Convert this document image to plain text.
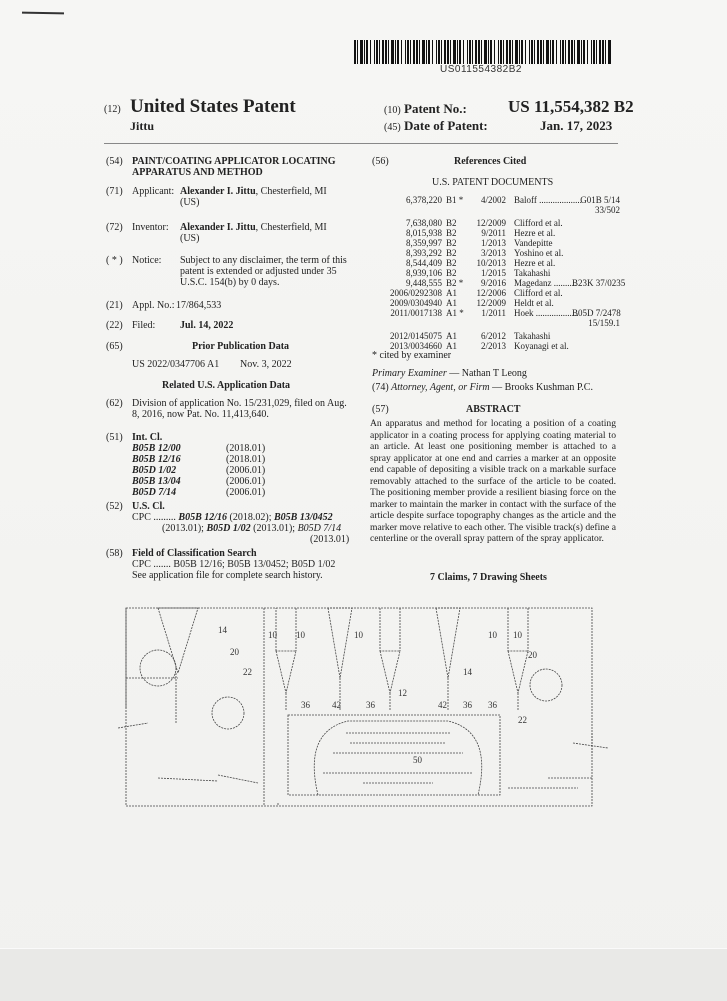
US011554382B2
(12) United States Patent
Jittu
(10) Patent No.: US 11,554,382 B2
(45) Date of Patent:	Jan. 17, 2023
(54) PAINT/COATING APPLICATOR LOCATING
APPARATUS AND METHOD
(71) Applicant: Alexander I. Jittu, Chesterfield, MI
(US)
(72) Inventor: Alexander I. Jittu, Chesterfield, MI
(US)
( * ) Notice: Subject to any disclaimer, the term of this
patent is extended or adjusted under 35
U.S.C. 154(b) by 0 days.
(21) Appl. No.: 17/864,533
(22) Filed: Jul. 14, 2022
(65)	Prior Publication Data
US 2022/0347706 A1 Nov. 3, 2022
Related U.S. Application Data
(62) Division of application No. 15/231,029, filed on Aug.
8, 2016, now Pat. No. 11,413,640.
(51) Int. Cl.
B05B 12/00	(2018.01)
B05B 12/16	(2018.01)
B05D 1/02	(2006.01)
B05B 13/04	(2006.01)
B05D 7/14	(2006.01)
(52) U.S. Cl.
CPC ......... B05B 12/16 (2018.02); B05B 13/0452
(2013.01); B05D 1/02 (2013.01); B05D 7/14
(2013.01)
(58) Field of Classification Search
CPC ....... B05B 12/16; B05B 13/0452; B05D 1/02
See application file for complete search history.
(56)	References Cited
U.S. PATENT DOCUMENTS
6,378,220 B1 *	4/2002 Baloff ...................
G01B 5/14
33/502
7,638,080 B2	12/2009 Clifford et al.
8,015,938 B2	9/2011 Hezre et al.
8,359,997 B2	1/2013 Vandepitte
8,393,292 B2	3/2013 Yoshino et al.
8,544,409 B2	10/2013 Hezre et al.
8,939,106 B2	1/2015 Takahashi
9,448,555 B2 *	9/2016 Magedanz ..........
B23K 37/0235
2006/0292308 A1	12/2006 Clifford et al.
2009/0304940 A1	12/2009 Heldt et al.
2011/0017138 A1 *	1/2011 Hoek ...................
B05D 7/2478
15/159.1
2012/0145075 A1	6/2012 Takahashi
2013/0034660 A1	2/2013 Koyanagi et al.
* cited by examiner
Primary Examiner — Nathan T Leong
(74) Attorney, Agent, or Firm — Brooks Kushman P.C.
(57)	ABSTRACT
An apparatus and method for locating a position of a coating applicator in a coating process for applying coating material to an article. At least one positioning member is attached to a spray applicator at one end and carries a marker at an opposite end capable of depositing a visible track on a markable surface removably attached to the surface of the article to be coated. The positioning member provide a resilient biasing force on the marker to maintain the marker in contact with the surface of the article despite surface topography changes as the article and the marker move relative to each other. The visible track(s) define a centerline or the overall spray pattern of the spray applicator.
7 Claims, 7 Drawing Sheets
14
20
22
10	10	10
10	10
36 42	36
12
42 36
14
36
20
22
50
